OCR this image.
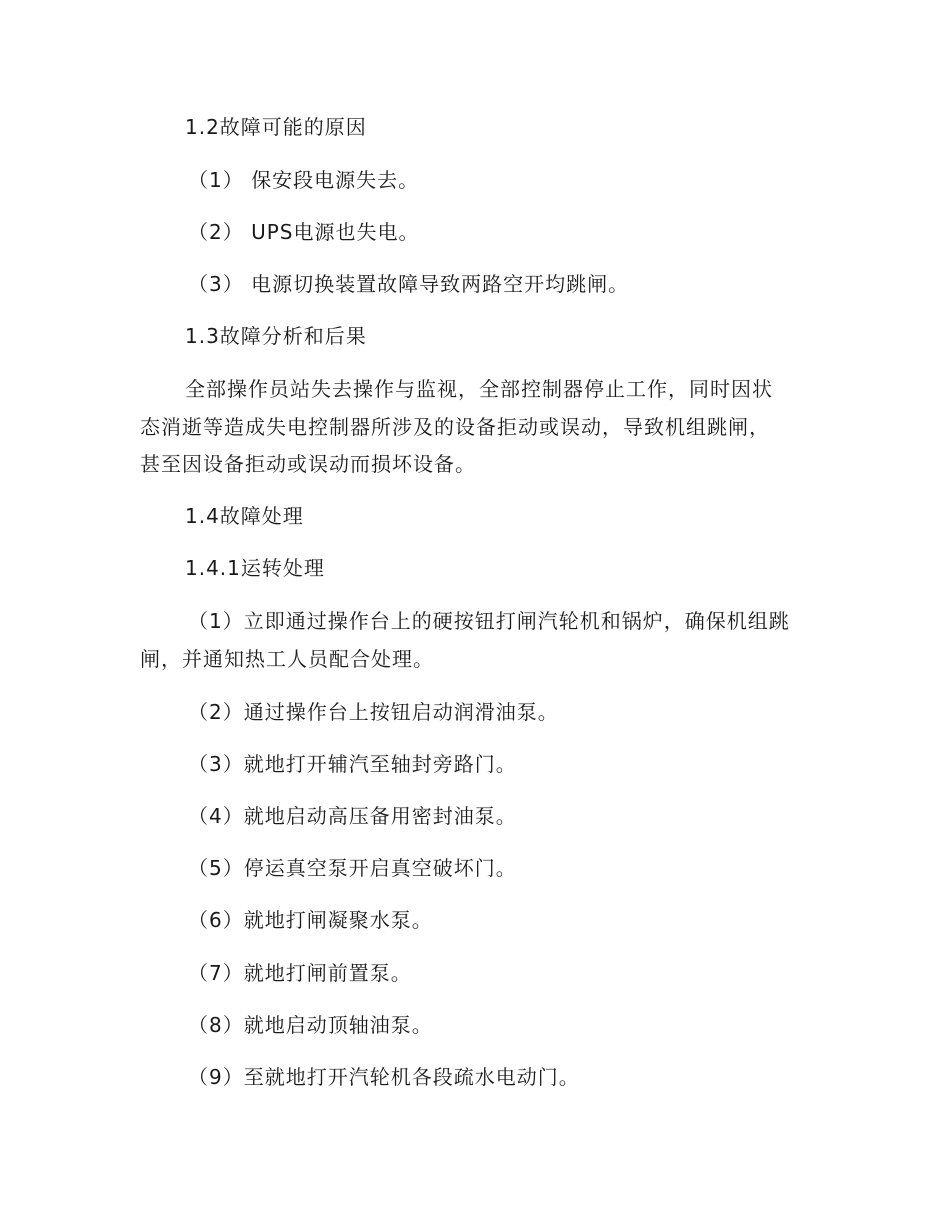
1.2故障可能的原因
（1） 保安段电源失去。
（2） UPS电源也失电。
（3） 电源切换装置故障导致两路空开均跳闸。
1.3故障分析和后果
全部操作员站失去操作与监视，全部控制器停止工作，同时因状
态消逝等造成失电控制器所涉及的设备拒动或误动，导致机组跳闸，
甚至因设备拒动或误动而损坏设备。
1.4故障处理
1.4.1运转处理
（1）立即通过操作台上的硬按钮打闸汽轮机和锅炉，确保机组跳
闸，并通知热工人员配合处理。
（2）通过操作台上按钮启动润滑油泵。
（3）就地打开辅汽至轴封旁路门。
（4）就地启动高压备用密封油泵。
（5）停运真空泵开启真空破坏门。
（6）就地打闸凝聚水泵。
（7）就地打闸前置泵。
（8）就地启动顶轴油泵。
（9）至就地打开汽轮机各段疏水电动门。
